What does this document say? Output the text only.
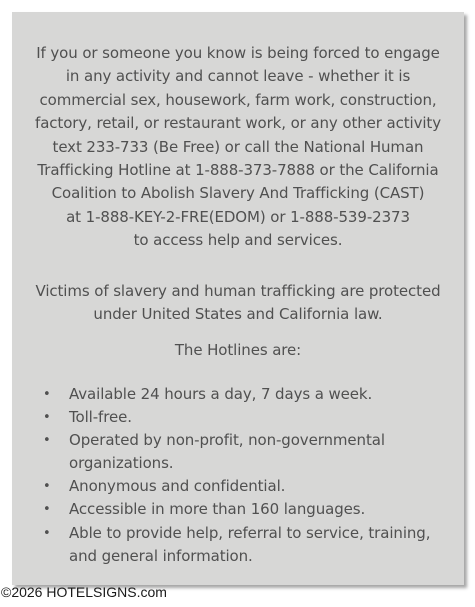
If you or someone you know is being forced to engage
in any activity and cannot leave - whether it is
commercial sex, housework, farm work, construction,
factory, retail, or restaurant work, or any other activity
text 233-733 (Be Free) or call the National Human
Trafficking Hotline at 1-888-373-7888 or the California
Coalition to Abolish Slavery And Trafficking (CAST)
at 1-888-KEY-2-FRE(EDOM) or 1-888-539-2373
to access help and services.

Victims of slavery and human trafficking are protected
under United States and California law.

The Hotlines are:

• Available 24 hours a day, 7 days a week.
• Toll-free.
• Operated by non-profit, non-governmental
organizations.
• Anonymous and confidential.
• Accessible in more than 160 languages.
• Able to provide help, referral to service, training,
and general information.
©2026 HOTELSIGNS.com
